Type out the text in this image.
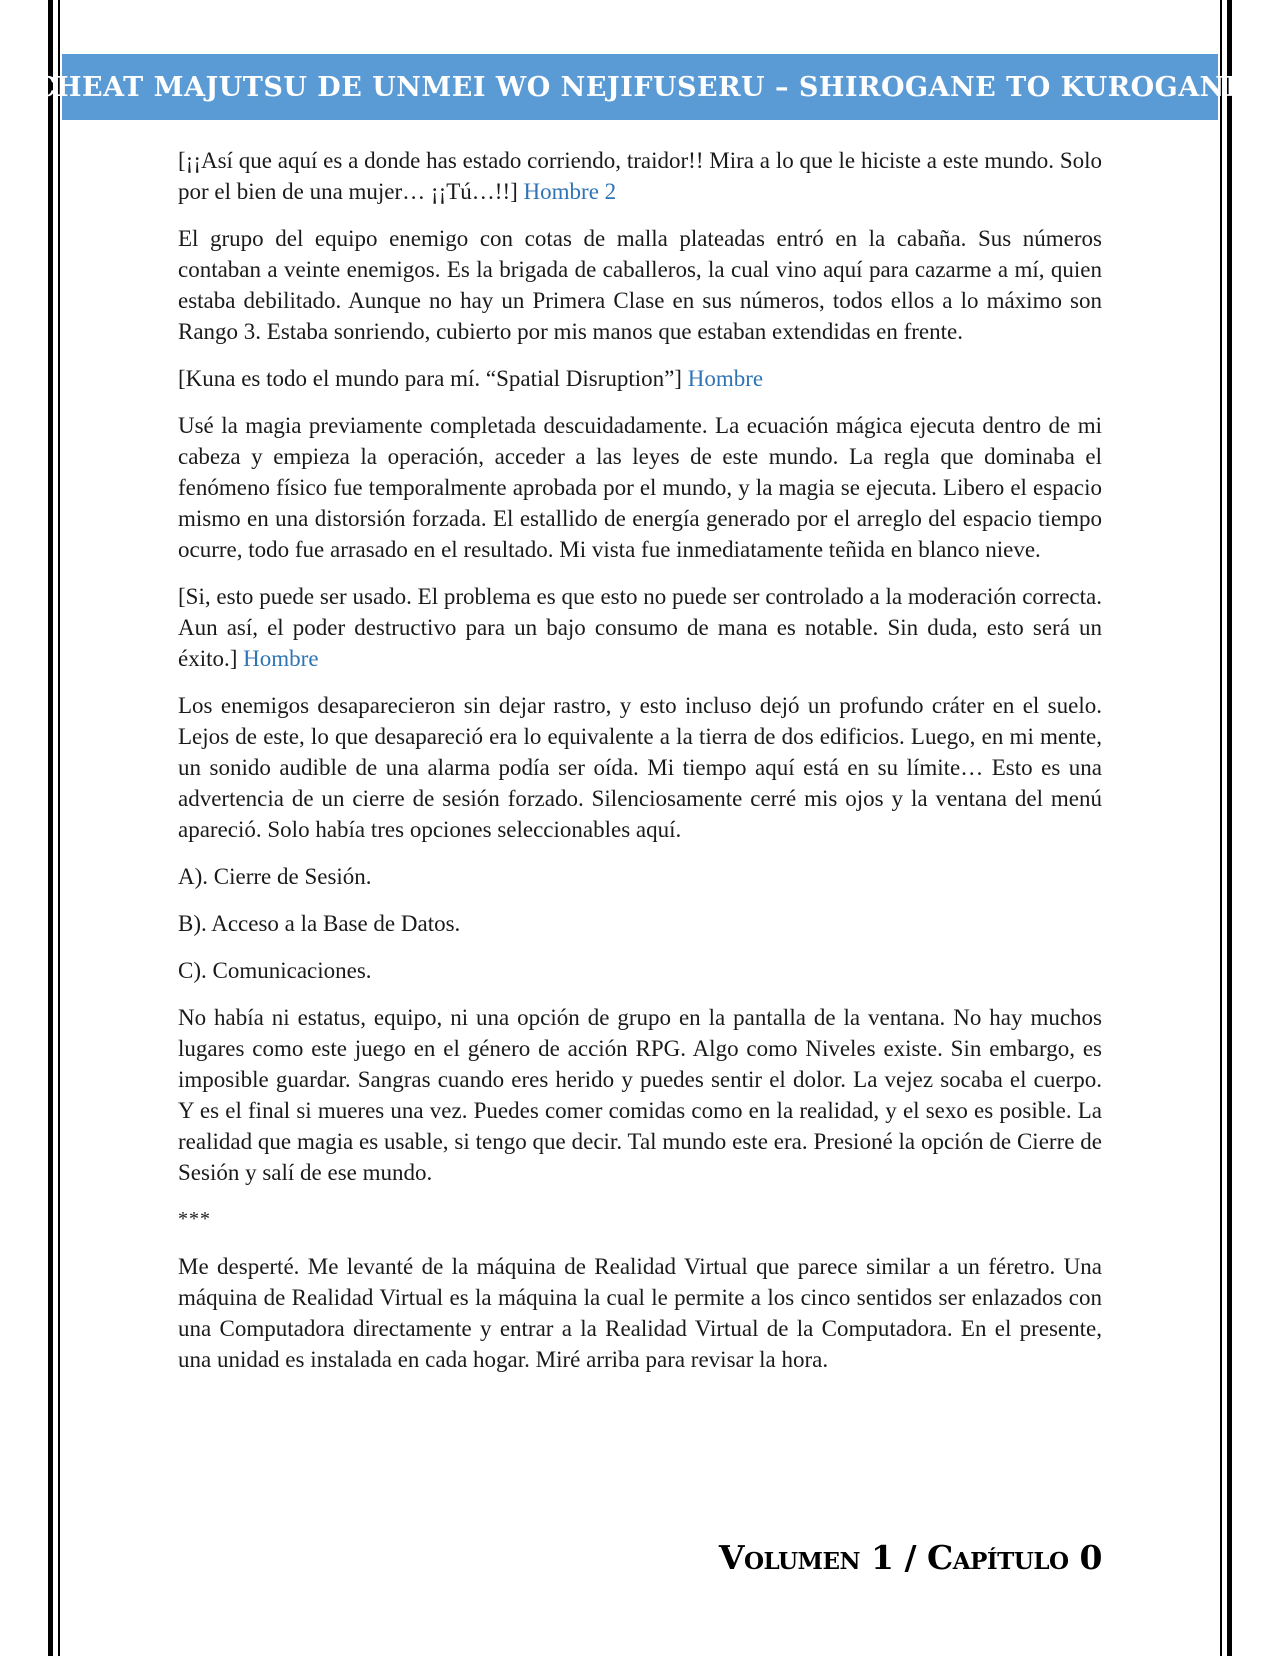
CHEAT MAJUTSU DE UNMEI WO NEJIFUSERU – SHIROGANE TO KUROGANE

[¡¡Así que aquí es a donde has estado corriendo, traidor!! Mira a lo que le hiciste a este mundo. Solo por el bien de una mujer… ¡¡Tú…!!] Hombre 2

El grupo del equipo enemigo con cotas de malla plateadas entró en la cabaña. Sus números contaban a veinte enemigos. Es la brigada de caballeros, la cual vino aquí para cazarme a mí, quien estaba debilitado. Aunque no hay un Primera Clase en sus números, todos ellos a lo máximo son Rango 3. Estaba sonriendo, cubierto por mis manos que estaban extendidas en frente.

[Kuna es todo el mundo para mí. “Spatial Disruption”] Hombre

Usé la magia previamente completada descuidadamente. La ecuación mágica ejecuta dentro de mi cabeza y empieza la operación, acceder a las leyes de este mundo. La regla que dominaba el fenómeno físico fue temporalmente aprobada por el mundo, y la magia se ejecuta. Libero el espacio mismo en una distorsión forzada. El estallido de energía generado por el arreglo del espacio tiempo ocurre, todo fue arrasado en el resultado. Mi vista fue inmediatamente teñida en blanco nieve.

[Si, esto puede ser usado. El problema es que esto no puede ser controlado a la moderación correcta. Aun así, el poder destructivo para un bajo consumo de mana es notable. Sin duda, esto será un éxito.] Hombre

Los enemigos desaparecieron sin dejar rastro, y esto incluso dejó un profundo cráter en el suelo. Lejos de este, lo que desapareció era lo equivalente a la tierra de dos edificios. Luego, en mi mente, un sonido audible de una alarma podía ser oída. Mi tiempo aquí está en su límite… Esto es una advertencia de un cierre de sesión forzado. Silenciosamente cerré mis ojos y la ventana del menú apareció. Solo había tres opciones seleccionables aquí.

A). Cierre de Sesión.

B). Acceso a la Base de Datos.

C). Comunicaciones.

No había ni estatus, equipo, ni una opción de grupo en la pantalla de la ventana. No hay muchos lugares como este juego en el género de acción RPG. Algo como Niveles existe. Sin embargo, es imposible guardar. Sangras cuando eres herido y puedes sentir el dolor. La vejez socaba el cuerpo. Y es el final si mueres una vez. Puedes comer comidas como en la realidad, y el sexo es posible. La realidad que magia es usable, si tengo que decir. Tal mundo este era. Presioné la opción de Cierre de Sesión y salí de ese mundo.

***

Me desperté. Me levanté de la máquina de Realidad Virtual que parece similar a un féretro. Una máquina de Realidad Virtual es la máquina la cual le permite a los cinco sentidos ser enlazados con una Computadora directamente y entrar a la Realidad Virtual de la Computadora. En el presente, una unidad es instalada en cada hogar. Miré arriba para revisar la hora.

Volumen 1 / Capítulo 0
